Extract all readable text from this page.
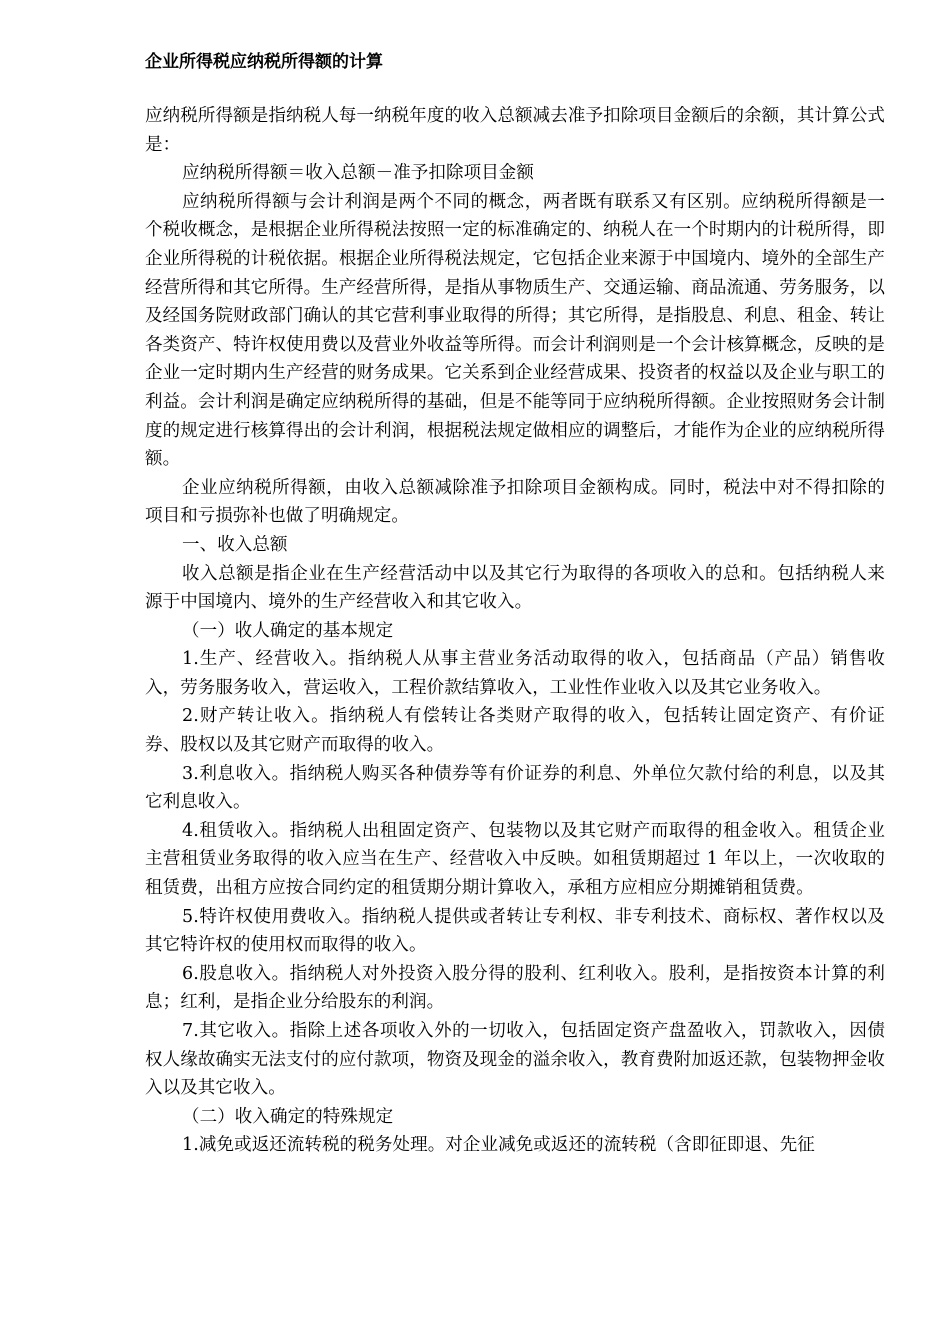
企业所得税应纳税所得额的计算

应纳税所得额是指纳税人每一纳税年度的收入总额减去准予扣除项目金额后的余额，其计算公式是：

应纳税所得额＝收入总额－准予扣除项目金额

应纳税所得额与会计利润是两个不同的概念，两者既有联系又有区别。应纳税所得额是一个税收概念，是根据企业所得税法按照一定的标准确定的、纳税人在一个时期内的计税所得，即企业所得税的计税依据。根据企业所得税法规定，它包括企业来源于中国境内、境外的全部生产经营所得和其它所得。生产经营所得，是指从事物质生产、交通运输、商品流通、劳务服务，以及经国务院财政部门确认的其它营利事业取得的所得；其它所得，是指股息、利息、租金、转让各类资产、特许权使用费以及营业外收益等所得。而会计利润则是一个会计核算概念，反映的是企业一定时期内生产经营的财务成果。它关系到企业经营成果、投资者的权益以及企业与职工的利益。会计利润是确定应纳税所得的基础，但是不能等同于应纳税所得额。企业按照财务会计制度的规定进行核算得出的会计利润，根据税法规定做相应的调整后，才能作为企业的应纳税所得额。

企业应纳税所得额，由收入总额减除准予扣除项目金额构成。同时，税法中对不得扣除的项目和亏损弥补也做了明确规定。

一、收入总额

收入总额是指企业在生产经营活动中以及其它行为取得的各项收入的总和。包括纳税人来源于中国境内、境外的生产经营收入和其它收入。

（一）收人确定的基本规定

1.生产、经营收入。指纳税人从事主营业务活动取得的收入，包括商品（产品）销售收入，劳务服务收入，营运收入，工程价款结算收入，工业性作业收入以及其它业务收入。

2.财产转让收入。指纳税人有偿转让各类财产取得的收入，包括转让固定资产、有价证券、股权以及其它财产而取得的收入。

3.利息收入。指纳税人购买各种债券等有价证券的利息、外单位欠款付给的利息，以及其它利息收入。

4.租赁收入。指纳税人出租固定资产、包装物以及其它财产而取得的租金收入。租赁企业主营租赁业务取得的收入应当在生产、经营收入中反映。如租赁期超过 1 年以上，一次收取的租赁费，出租方应按合同约定的租赁期分期计算收入，承租方应相应分期摊销租赁费。

5.特许权使用费收入。指纳税人提供或者转让专利权、非专利技术、商标权、著作权以及其它特许权的使用权而取得的收入。

6.股息收入。指纳税人对外投资入股分得的股利、红利收入。股利，是指按资本计算的利息；红利，是指企业分给股东的利润。

7.其它收入。指除上述各项收入外的一切收入，包括固定资产盘盈收入，罚款收入，因债权人缘故确实无法支付的应付款项，物资及现金的溢余收入，教育费附加返还款，包装物押金收入以及其它收入。

（二）收入确定的特殊规定

1.减免或返还流转税的税务处理。对企业减免或返还的流转税（含即征即退、先征
